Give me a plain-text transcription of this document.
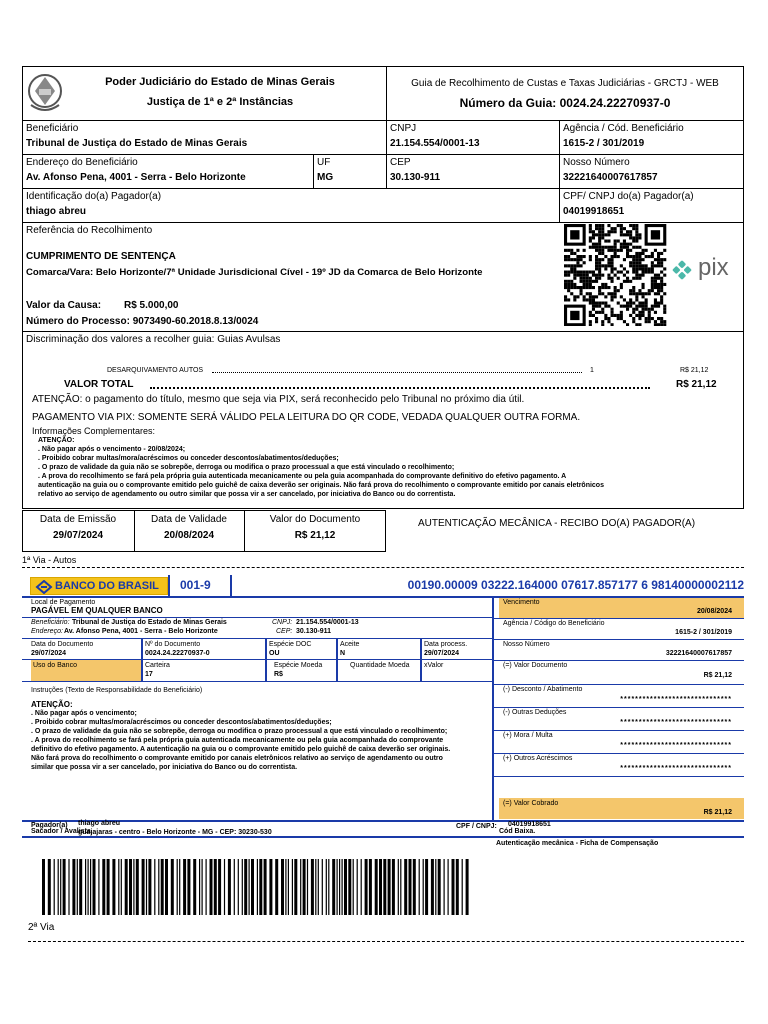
Poder Judiciário do Estado de Minas Gerais
Justiça de 1ª e 2ª Instâncias
Guia de Recolhimento de Custas e Taxas Judiciárias - GRCTJ - WEB
Número da Guia: 0024.24.22270937-0
Beneficiário
Tribunal de Justiça do Estado de Minas Gerais
CNPJ
21.154.554/0001-13
Agência / Cód. Beneficiário
1615-2 / 301/2019
Endereço do Beneficiário
Av. Afonso Pena, 4001 - Serra - Belo Horizonte
UF
MG
CEP
30.130-911
Nosso Número
32221640007617857
Identificação do(a) Pagador(a)
thiago abreu
CPF/ CNPJ do(a) Pagador(a)
04019918651
Referência do Recolhimento
CUMPRIMENTO DE SENTENÇA
Comarca/Vara: Belo Horizonte/7ª Unidade Jurisdicional Cível - 19º JD da Comarca de Belo Horizonte
Valor da Causa: R$ 5.000,00
Número do Processo: 9073490-60.2018.8.13/0024
pix
Discriminação dos valores a recolher guia: Guias Avulsas
DESARQUIVAMENTO AUTOS	1	R$ 21,12
VALOR TOTAL	R$ 21,12
ATENÇÃO: o pagamento do título, mesmo que seja via PIX, será reconhecido pelo Tribunal no próximo dia útil.
PAGAMENTO VIA PIX: SOMENTE SERÁ VÁLIDO PELA LEITURA DO QR CODE, VEDADA QUALQUER OUTRA FORMA.
Informações Complementares:
ATENÇÃO:
. Não pagar após o vencimento - 20/08/2024;
. Proibido cobrar multas/mora/acréscimos ou conceder descontos/abatimentos/deduções;
. O prazo de validade da guia não se sobrepõe, derroga ou modifica o prazo processual a que está vinculado o recolhimento;
. A prova do recolhimento se fará pela própria guia autenticada mecanicamente ou pela guia acompanhada do comprovante definitivo do efetivo pagamento. A
autenticação na guia ou o comprovante emitido pelo guichê de caixa deverão ser originais. Não fará prova do recolhimento o comprovante emitido por canais eletrônicos
relativo ao serviço de agendamento ou outro similar que possa vir a ser cancelado, por iniciativa do Banco ou do correntista.
Data de Emissão
29/07/2024
Data de Validade
20/08/2024
Valor do Documento
R$ 21,12
AUTENTICAÇÃO MECÂNICA - RECIBO DO(A) PAGADOR(A)
1ª Via - Autos
BANCO DO BRASIL 001-9	00190.00009 03222.164000 07617.857177 6 98140000002112
Local de Pagamento
PAGÁVEL EM QUALQUER BANCO
Beneficiário: Tribunal de Justiça do Estado de Minas Gerais	CNPJ: 21.154.554/0001-13
Endereço: Av. Afonso Pena, 4001 - Serra - Belo Horizonte	CEP: 30.130-911
Data do Documento
29/07/2024
Nº do Documento
0024.24.22270937-0
Espécie DOC
OU
Aceite
N
Data process.
29/07/2024
Uso do Banco	Carteira
17
Espécie Moeda
R$
Quantidade Moeda xValor
Instruções (Texto de Responsabilidade do Beneficiário)
ATENÇÃO:
. Não pagar após o vencimento;
. Proibido cobrar multas/mora/acréscimos ou conceder descontos/abatimentos/deduções;
. O prazo de validade da guia não se sobrepõe, derroga ou modifica o prazo processual a que está vinculado o recolhimento;
. A prova do recolhimento se fará pela própria guia autenticada mecanicamente ou pela guia acompanhada do comprovante
definitivo do efetivo pagamento. A autenticação na guia ou o comprovante emitido pelo guichê de caixa deverão ser originais.
Não fará prova do recolhimento o comprovante emitido por canais eletrônicos relativo ao serviço de agendamento ou outro
similar que possa vir a ser cancelado, por iniciativa do Banco ou do correntista.
Vencimento
20/08/2024
Agência / Código do Beneficiário
1615-2 / 301/2019
Nosso Número
32221640007617857
(=) Valor Documento
R$ 21,12
(-) Desconto / Abatimento
******************************
(-) Outras Deduções
******************************
(+) Mora / Multa
******************************
(+) Outros Acréscimos
******************************
(=) Valor Cobrado
R$ 21,12
Pagador(a) thiago abreu
guajajaras - centro - Belo Horizonte - MG - CEP: 30230-530
CPF / CNPJ: 04019918651
Cód Baixa.
Autenticação mecânica - Ficha de Compensação
2ª Via
Sacador / Avalista
